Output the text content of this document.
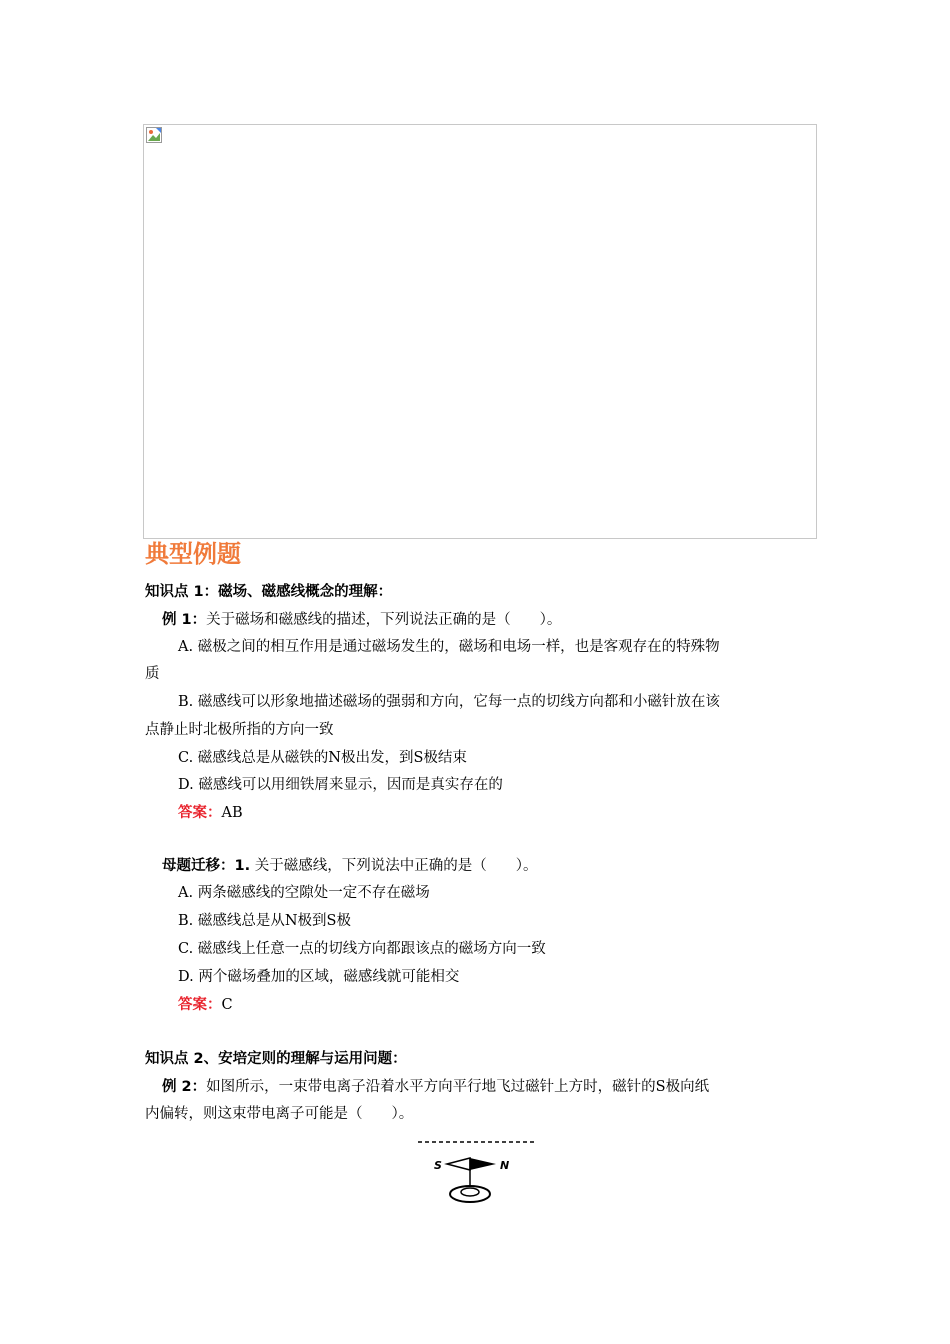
典型例题
知识点 1：磁场、磁感线概念的理解：
例 1：关于磁场和磁感线的描述，下列说法正确的是（　　）。
A. 磁极之间的相互作用是通过磁场发生的，磁场和电场一样，也是客观存在的特殊物
质
B. 磁感线可以形象地描述磁场的强弱和方向，它每一点的切线方向都和小磁针放在该
点静止时北极所指的方向一致
C. 磁感线总是从磁铁的N极出发，到S极结束
D. 磁感线可以用细铁屑来显示，因而是真实存在的
答案：AB
母题迁移：1. 关于磁感线，下列说法中正确的是（　　）。
A. 两条磁感线的空隙处一定不存在磁场
B. 磁感线总是从N极到S极
C. 磁感线上任意一点的切线方向都跟该点的磁场方向一致
D. 两个磁场叠加的区域，磁感线就可能相交
答案：C
知识点 2、安培定则的理解与运用问题：
例 2：如图所示，一束带电离子沿着水平方向平行地飞过磁针上方时，磁针的S极向纸
内偏转，则这束带电离子可能是（　　）。
S	N
